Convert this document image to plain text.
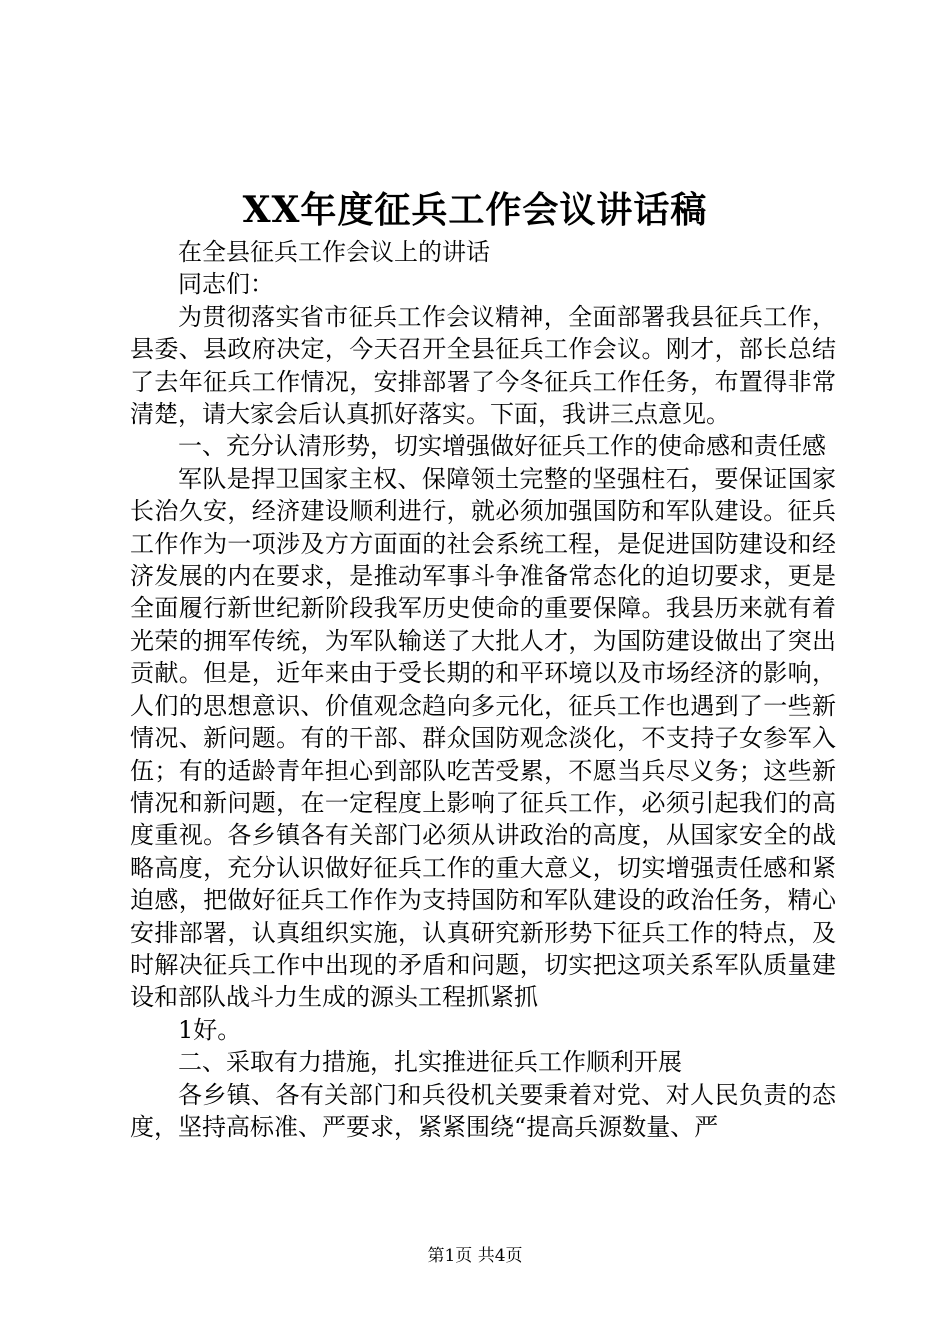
XX年度征兵工作会议讲话稿

在全县征兵工作会议上的讲话

同志们：

为贯彻落实省市征兵工作会议精神，全面部署我县征兵工作，县委、县政府决定，今天召开全县征兵工作会议。刚才，部长总结了去年征兵工作情况，安排部署了今冬征兵工作任务，布置得非常清楚，请大家会后认真抓好落实。下面，我讲三点意见。

一、充分认清形势，切实增强做好征兵工作的使命感和责任感

军队是捍卫国家主权、保障领土完整的坚强柱石，要保证国家长治久安，经济建设顺利进行，就必须加强国防和军队建设。征兵工作作为一项涉及方方面面的社会系统工程，是促进国防建设和经济发展的内在要求，是推动军事斗争准备常态化的迫切要求，更是全面履行新世纪新阶段我军历史使命的重要保障。我县历来就有着光荣的拥军传统，为军队输送了大批人才，为国防建设做出了突出贡献。但是，近年来由于受长期的和平环境以及市场经济的影响，人们的思想意识、价值观念趋向多元化，征兵工作也遇到了一些新情况、新问题。有的干部、群众国防观念淡化，不支持子女参军入伍；有的适龄青年担心到部队吃苦受累，不愿当兵尽义务；这些新情况和新问题，在一定程度上影响了征兵工作，必须引起我们的高度重视。各乡镇各有关部门必须从讲政治的高度，从国家安全的战略高度，充分认识做好征兵工作的重大意义，切实增强责任感和紧迫感，把做好征兵工作作为支持国防和军队建设的政治任务，精心安排部署，认真组织实施，认真研究新形势下征兵工作的特点，及时解决征兵工作中出现的矛盾和问题，切实把这项关系军队质量建设和部队战斗力生成的源头工程抓紧抓

1好。

二、采取有力措施，扎实推进征兵工作顺利开展

各乡镇、各有关部门和兵役机关要秉着对党、对人民负责的态度，坚持高标准、严要求，紧紧围绕“提高兵源数量、严

第1页 共4页
